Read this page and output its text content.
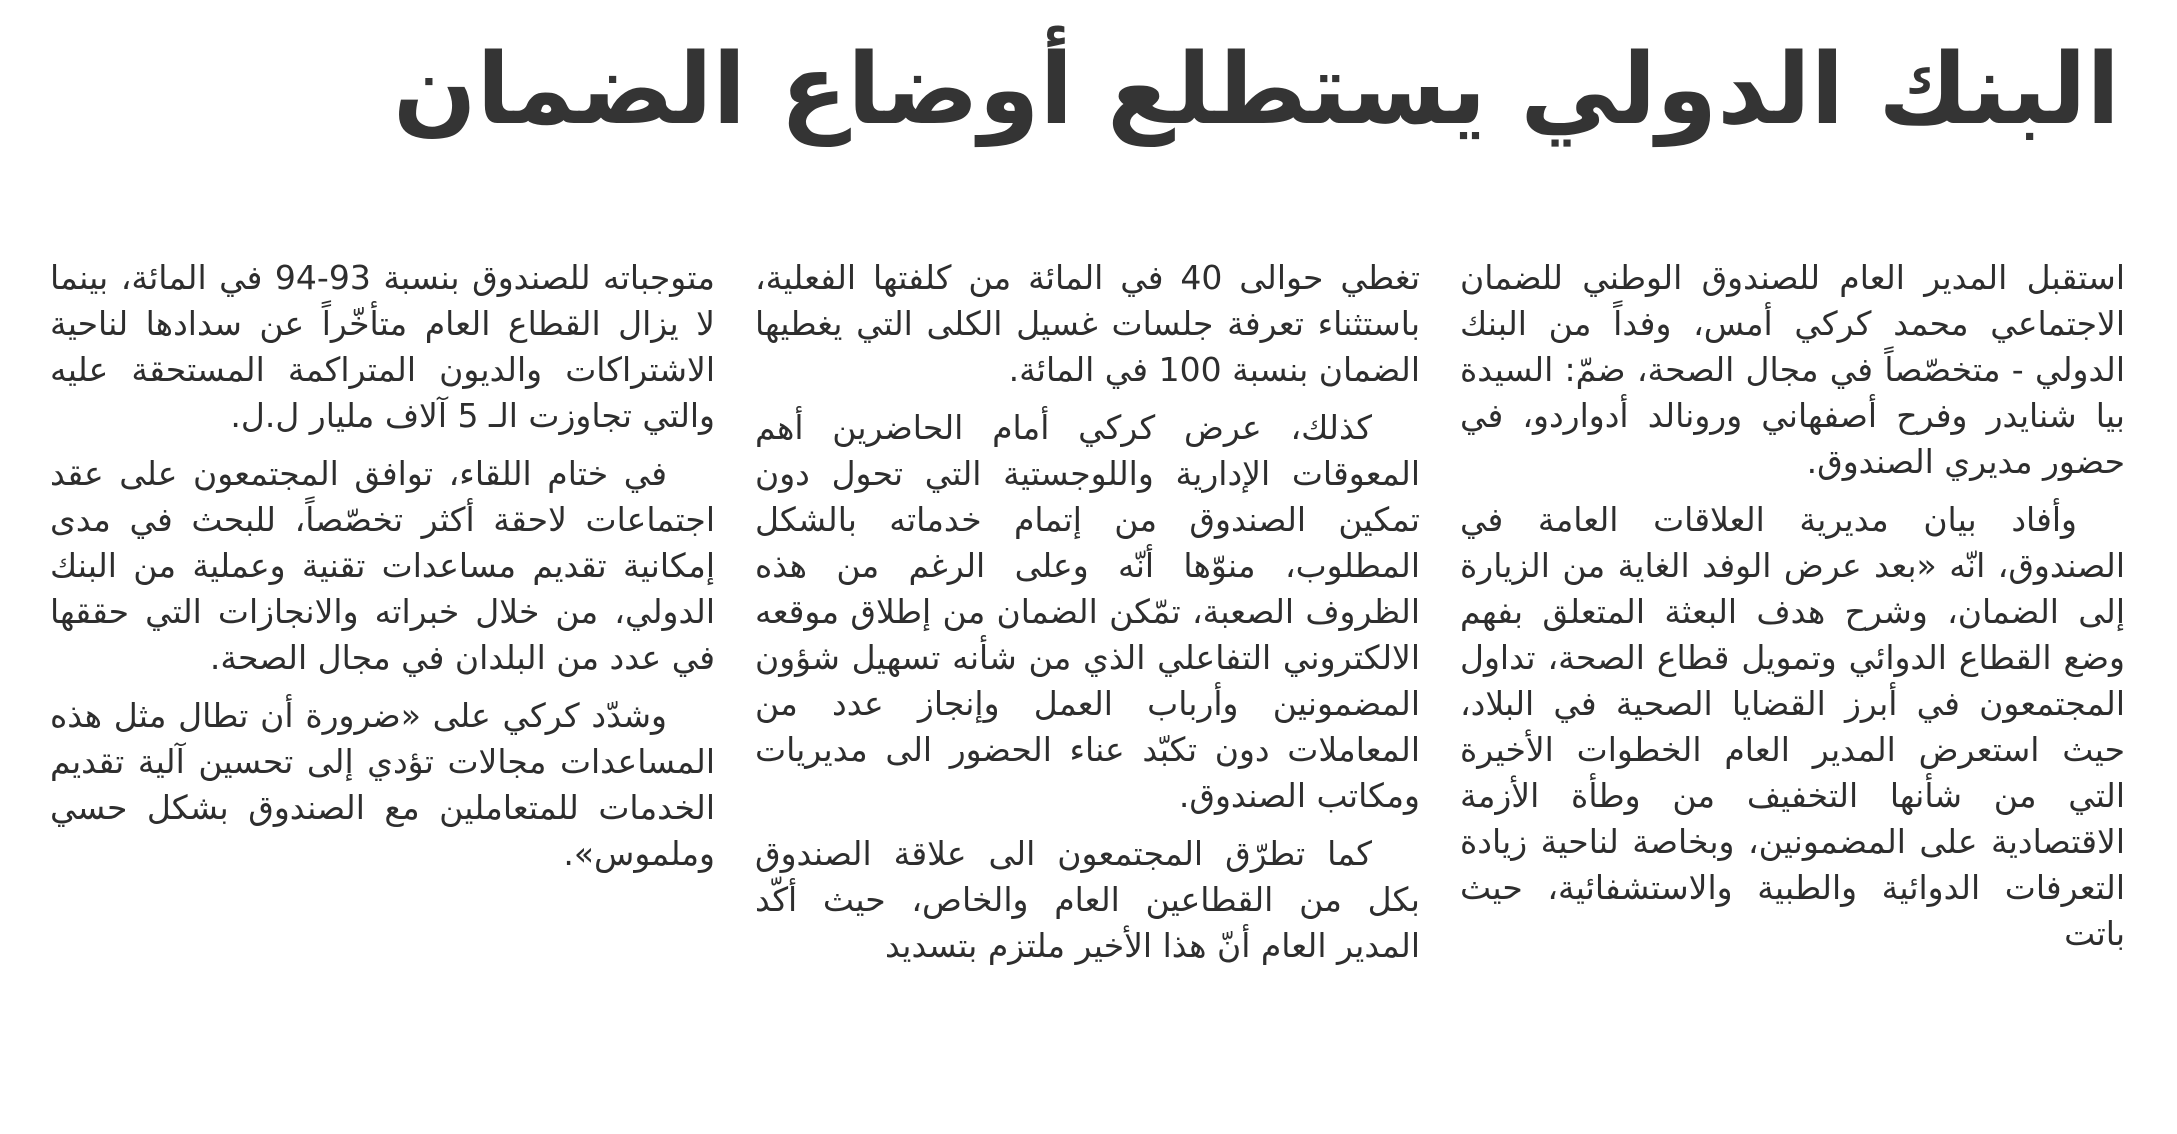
البنك الدولي يستطلع أوضاع الضمان

استقبل المدير العام للصندوق الوطني للضمان الاجتماعي محمد كركي أمس، وفداً من البنك الدولي - متخصّصاً في مجال الصحة، ضمّ: السيدة بيا شنايدر وفرح أصفهاني ورونالد أدواردو، في حضور مديري الصندوق.

وأفاد بيان مديرية العلاقات العامة في الصندوق، انّه «بعد عرض الوفد الغاية من الزيارة إلى الضمان، وشرح هدف البعثة المتعلق بفهم وضع القطاع الدوائي وتمويل قطاع الصحة، تداول المجتمعون في أبرز القضايا الصحية في البلاد، حيث استعرض المدير العام الخطوات الأخيرة التي من شأنها التخفيف من وطأة الأزمة الاقتصادية على المضمونين، وبخاصة لناحية زيادة التعرفات الدوائية والطبية والاستشفائية، حيث باتت

تغطي حوالى 40 في المائة من كلفتها الفعلية، باستثناء تعرفة جلسات غسيل الكلى التي يغطيها الضمان بنسبة 100 في المائة.

كذلك، عرض كركي أمام الحاضرين أهم المعوقات الإدارية واللوجستية التي تحول دون تمكين الصندوق من إتمام خدماته بالشكل المطلوب، منوّها أنّه وعلى الرغم من هذه الظروف الصعبة، تمّكن الضمان من إطلاق موقعه الالكتروني التفاعلي الذي من شأنه تسهيل شؤون المضمونين وأرباب العمل وإنجاز عدد من المعاملات دون تكبّد عناء الحضور الى مديريات ومكاتب الصندوق.

كما تطرّق المجتمعون الى علاقة الصندوق بكل من القطاعين العام والخاص، حيث أكّد المدير العام أنّ هذا الأخير ملتزم بتسديد

متوجباته للصندوق بنسبة 93-94 في المائة، بينما لا يزال القطاع العام متأخّراً عن سدادها لناحية الاشتراكات والديون المتراكمة المستحقة عليه والتي تجاوزت الـ 5 آلاف مليار ل.ل.

في ختام اللقاء، توافق المجتمعون على عقد اجتماعات لاحقة أكثر تخصّصاً، للبحث في مدى إمكانية تقديم مساعدات تقنية وعملية من البنك الدولي، من خلال خبراته والانجازات التي حققها في عدد من البلدان في مجال الصحة.

وشدّد كركي على «ضرورة أن تطال مثل هذه المساعدات مجالات تؤدي إلى تحسين آلية تقديم الخدمات للمتعاملين مع الصندوق بشكل حسي وملموس».
